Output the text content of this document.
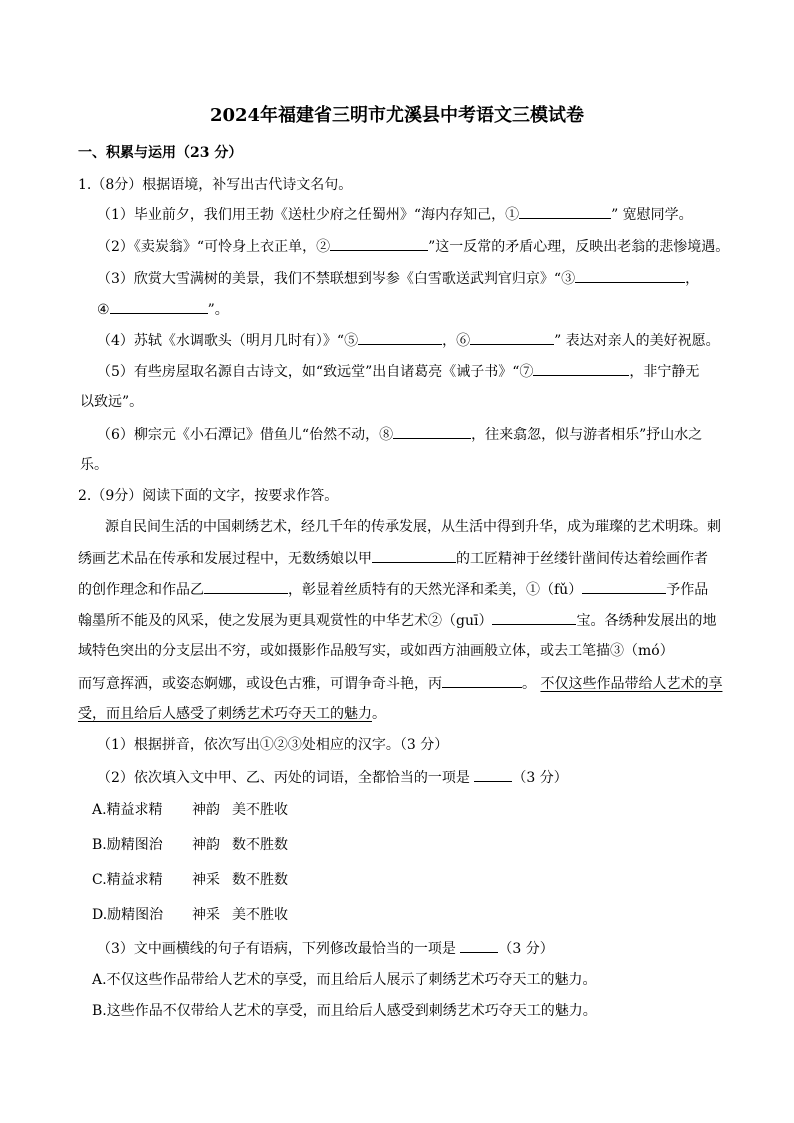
2024年福建省三明市尤溪县中考语文三模试卷
一、积累与运用（23 分）
1.（8分）根据语境，补写出古代诗文名句。
（1）毕业前夕，我们用王勃《送杜少府之任蜀州》“海内存知己，①	” 宽慰同学。
（2）《卖炭翁》“可怜身上衣正单，②	”这一反常的矛盾心理，反映出老翁的悲惨境遇。
（3）欣赏大雪满树的美景，我们不禁联想到岑参《白雪歌送武判官归京》“③	，
④	”。
（4）苏轼《水调歌头（明月几时有）》“⑤	，⑥	” 表达对亲人的美好祝愿。
（5）有些房屋取名源自古诗文，如“致远堂”出自诸葛亮《诫子书》“⑦	，非宁静无
以致远”。
（6）柳宗元《小石潭记》借鱼儿“佁然不动，⑧	，往来翕忽，似与游者相乐”抒山水之
乐。
2.（9分）阅读下面的文字，按要求作答。
源自民间生活的中国刺绣艺术，经几千年的传承发展，从生活中得到升华，成为璀璨的艺术明珠。刺
绣画艺术品在传承和发展过程中，无数绣娘以甲	的工匠精神于丝缕针凿间传达着绘画作者
的创作理念和作品乙	，彰显着丝质特有的天然光泽和柔美，①（fǔ）	予作品
翰墨所不能及的风采，使之发展为更具观赏性的中华艺术②（guī）	宝。各绣种发展出的地
域特色突出的分支层出不穷，或如摄影作品般写实，或如西方油画般立体，或去工笔描③（mó）
而写意挥洒，或姿态婀娜，或设色古雅，可谓争奇斗艳，丙	。 不仅这些作品带给人艺术的享
受，而且给后人感受了刺绣艺术巧夺天工的魅力。
（1）根据拼音，依次写出①②③处相应的汉字。（3 分）
（2）依次填入文中甲、乙、丙处的词语，全都恰当的一项是	（3 分）
A.精益求精 神韵 美不胜收
B.励精图治 神韵 数不胜数
C.精益求精 神采 数不胜数
D.励精图治 神采 美不胜收
（3）文中画横线的句子有语病，下列修改最恰当的一项是	（3 分）
A.不仅这些作品带给人艺术的享受，而且给后人展示了刺绣艺术巧夺天工的魅力。
B.这些作品不仅带给人艺术的享受，而且给后人感受到刺绣艺术巧夺天工的魅力。
